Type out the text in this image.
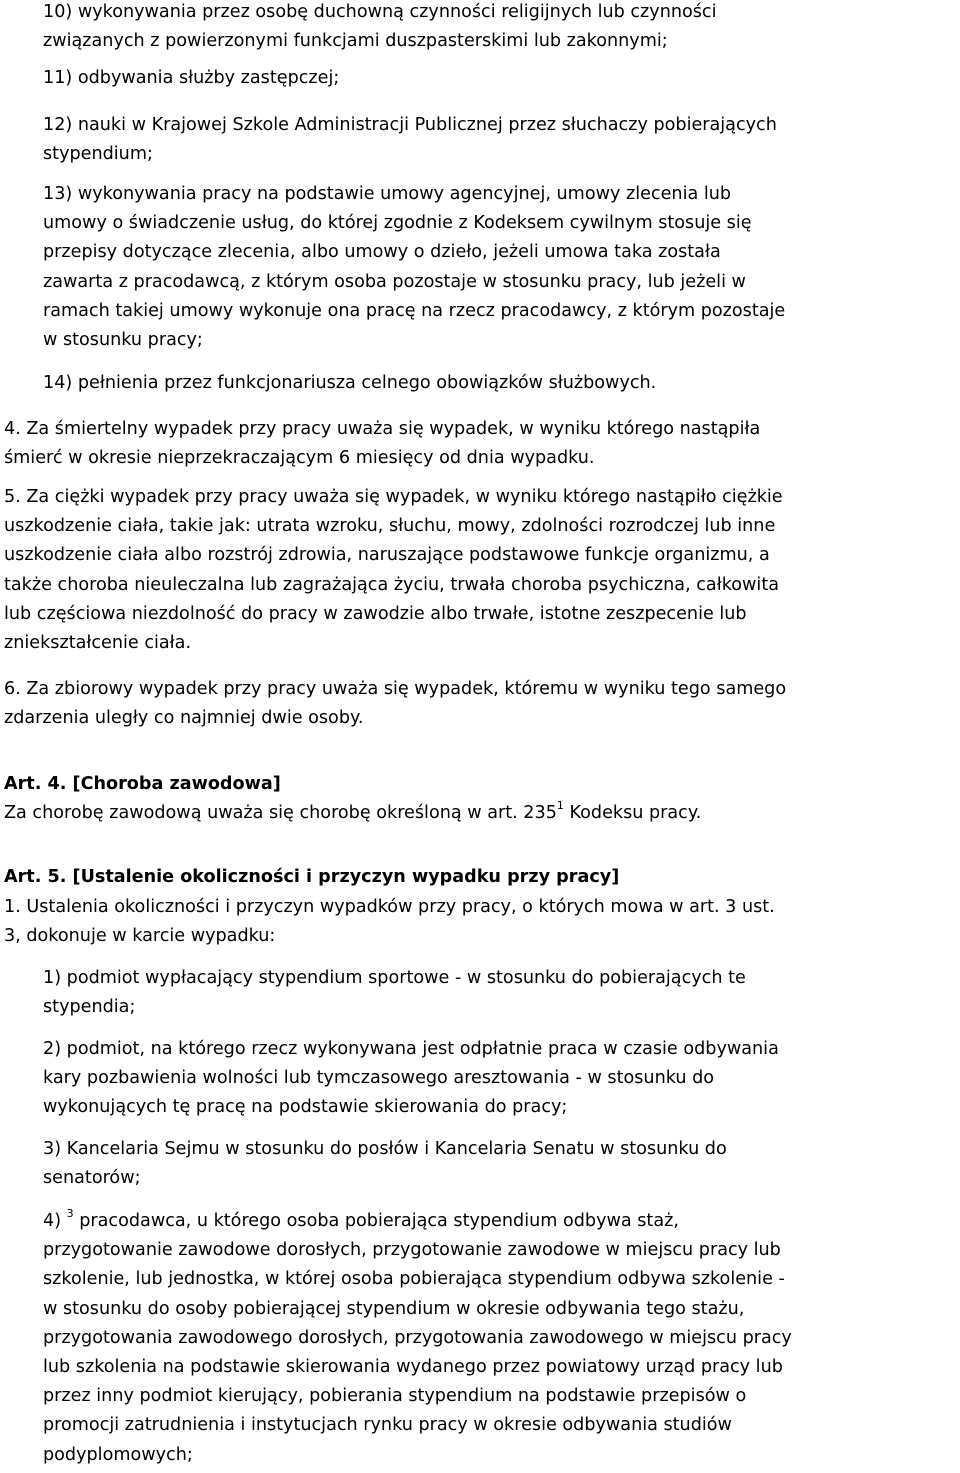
10) wykonywania przez osobę duchowną czynności religijnych lub czynności
związanych z powierzonymi funkcjami duszpasterskimi lub zakonnymi;

11) odbywania służby zastępczej;

12) nauki w Krajowej Szkole Administracji Publicznej przez słuchaczy pobierających
stypendium;

13) wykonywania pracy na podstawie umowy agencyjnej, umowy zlecenia lub
umowy o świadczenie usług, do której zgodnie z Kodeksem cywilnym stosuje się
przepisy dotyczące zlecenia, albo umowy o dzieło, jeżeli umowa taka została
zawarta z pracodawcą, z którym osoba pozostaje w stosunku pracy, lub jeżeli w
ramach takiej umowy wykonuje ona pracę na rzecz pracodawcy, z którym pozostaje
w stosunku pracy;

14) pełnienia przez funkcjonariusza celnego obowiązków służbowych.

4. Za śmiertelny wypadek przy pracy uważa się wypadek, w wyniku którego nastąpiła
śmierć w okresie nieprzekraczającym 6 miesięcy od dnia wypadku.

5. Za ciężki wypadek przy pracy uważa się wypadek, w wyniku którego nastąpiło ciężkie
uszkodzenie ciała, takie jak: utrata wzroku, słuchu, mowy, zdolności rozrodczej lub inne
uszkodzenie ciała albo rozstrój zdrowia, naruszające podstawowe funkcje organizmu, a
także choroba nieuleczalna lub zagrażająca życiu, trwała choroba psychiczna, całkowita
lub częściowa niezdolność do pracy w zawodzie albo trwałe, istotne zeszpecenie lub
zniekształcenie ciała.

6. Za zbiorowy wypadek przy pracy uważa się wypadek, któremu w wyniku tego samego
zdarzenia uległy co najmniej dwie osoby.

Art. 4. [Choroba zawodowa]

Za chorobę zawodową uważa się chorobę określoną w art. $235^1$ Kodeksu pracy.

Art. 5. [Ustalenie okoliczności i przyczyn wypadku przy pracy]

1. Ustalenia okoliczności i przyczyn wypadków przy pracy, o których mowa w art. 3 ust.
3, dokonuje w karcie wypadku:

1) podmiot wypłacający stypendium sportowe - w stosunku do pobierających te
stypendia;

2) podmiot, na którego rzecz wykonywana jest odpłatnie praca w czasie odbywania
kary pozbawienia wolności lub tymczasowego aresztowania - w stosunku do
wykonujących tę pracę na podstawie skierowania do pracy;

3) Kancelaria Sejmu w stosunku do posłów i Kancelaria Senatu w stosunku do
senatorów;

4) $^3$ pracodawca, u którego osoba pobierająca stypendium odbywa staż,
przygotowanie zawodowe dorosłych, przygotowanie zawodowe w miejscu pracy lub
szkolenie, lub jednostka, w której osoba pobierająca stypendium odbywa szkolenie -
w stosunku do osoby pobierającej stypendium w okresie odbywania tego stażu,
przygotowania zawodowego dorosłych, przygotowania zawodowego w miejscu pracy
lub szkolenia na podstawie skierowania wydanego przez powiatowy urząd pracy lub
przez inny podmiot kierujący, pobierania stypendium na podstawie przepisów o
promocji zatrudnienia i instytucjach rynku pracy w okresie odbywania studiów
podyplomowych;
